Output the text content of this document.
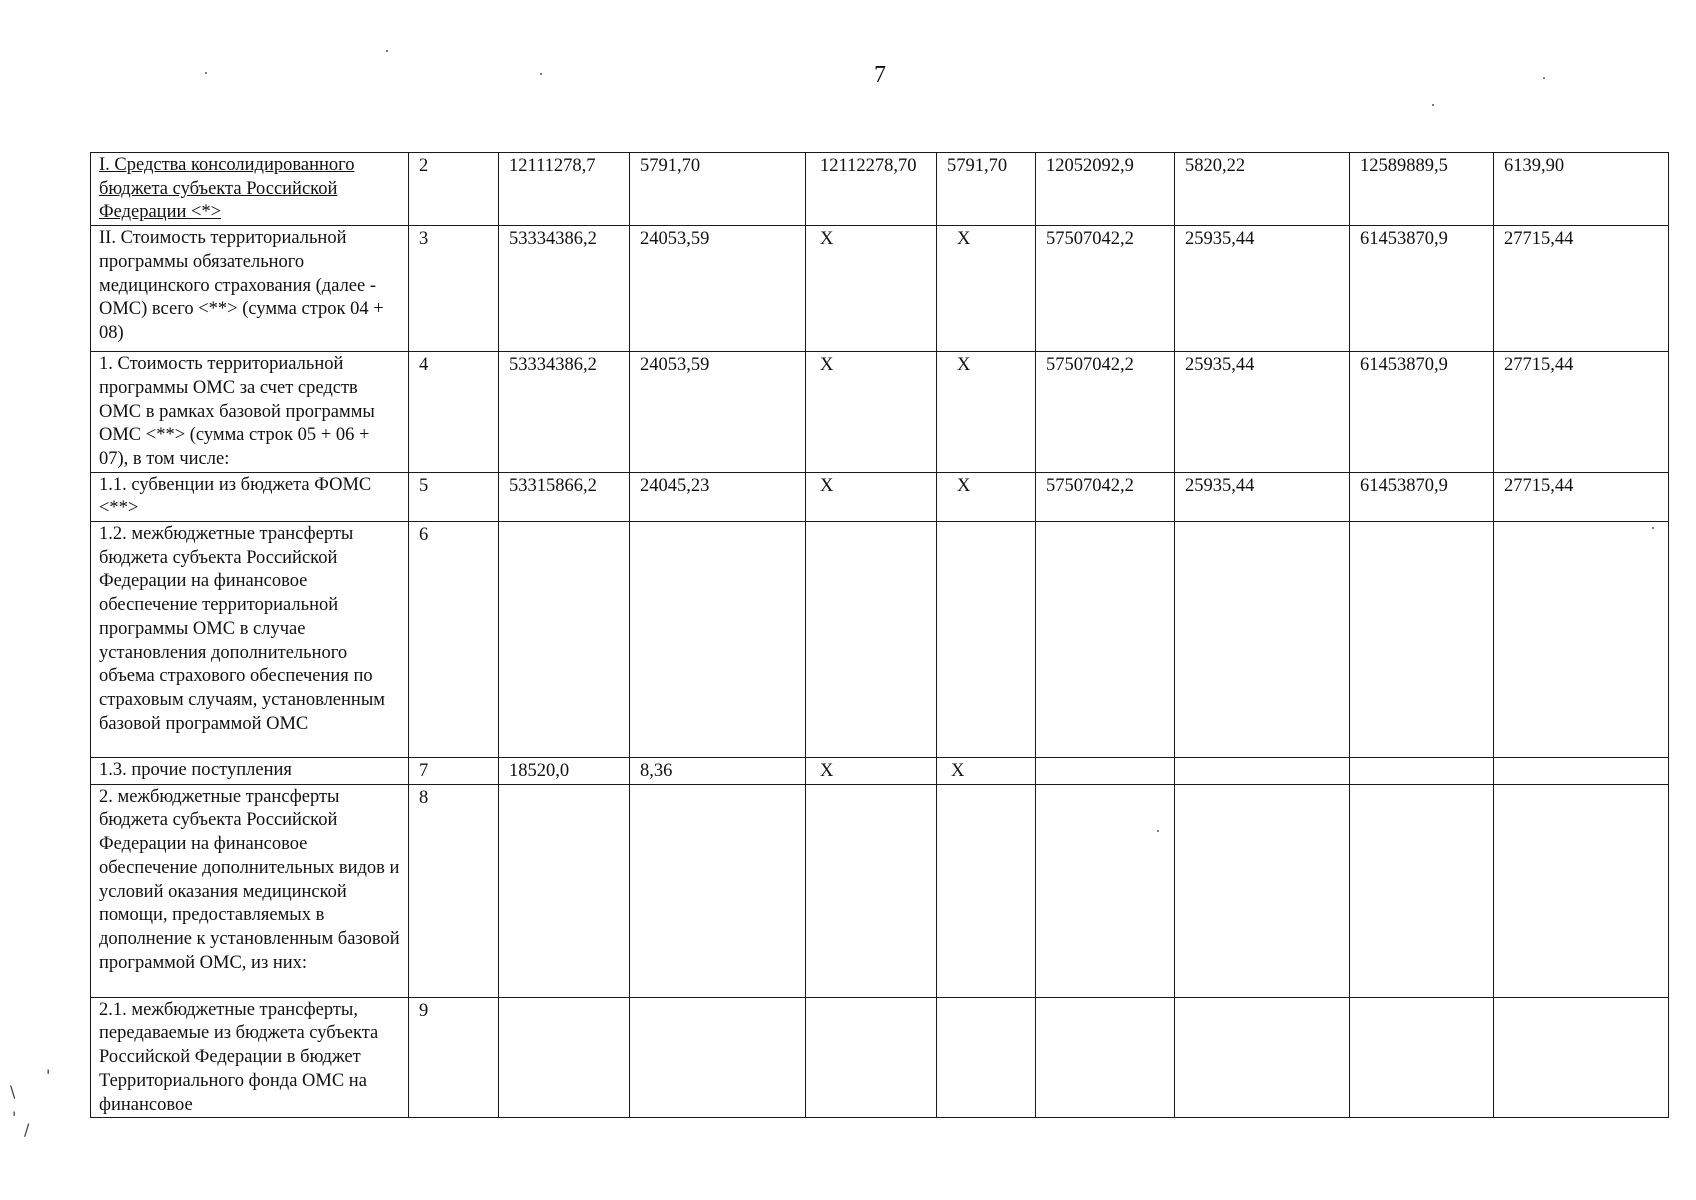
7
I. Средства консолидированного бюджета субъекта Российской Федерации <*>	2	12111278,7	5791,70	12112278,70	5791,70	12052092,9	5820,22	12589889,5	6139,90
II. Стоимость территориальной программы обязательного медицинского страхования (далее - ОМС) всего <**> (сумма строк 04 + 08)	3	53334386,2	24053,59	X	X	57507042,2	25935,44	61453870,9	27715,44
1. Стоимость территориальной программы ОМС за счет средств ОМС в рамках базовой программы ОМС <**> (сумма строк 05 + 06 + 07), в том числе:	4	53334386,2	24053,59	X	X	57507042,2	25935,44	61453870,9	27715,44
1.1. субвенции из бюджета ФОМС <**>	5	53315866,2	24045,23	X	X	57507042,2	25935,44	61453870,9	27715,44
1.2. межбюджетные трансферты бюджета субъекта Российской Федерации на финансовое обеспечение территориальной программы ОМС в случае установления дополнительного объема страхового обеспечения по страховым случаям, установленным базовой программой ОМС	6								
1.3. прочие поступления	7	18520,0	8,36	X	X				
2. межбюджетные трансферты бюджета субъекта Российской Федерации на финансовое обеспечение дополнительных видов и условий оказания медицинской помощи, предоставляемых в дополнение к установленным базовой программой ОМС, из них:	8								
2.1. межбюджетные трансферты, передаваемые из бюджета субъекта Российской Федерации в бюджет Территориального фонда ОМС на финансовое	9								
\
'
'
/
